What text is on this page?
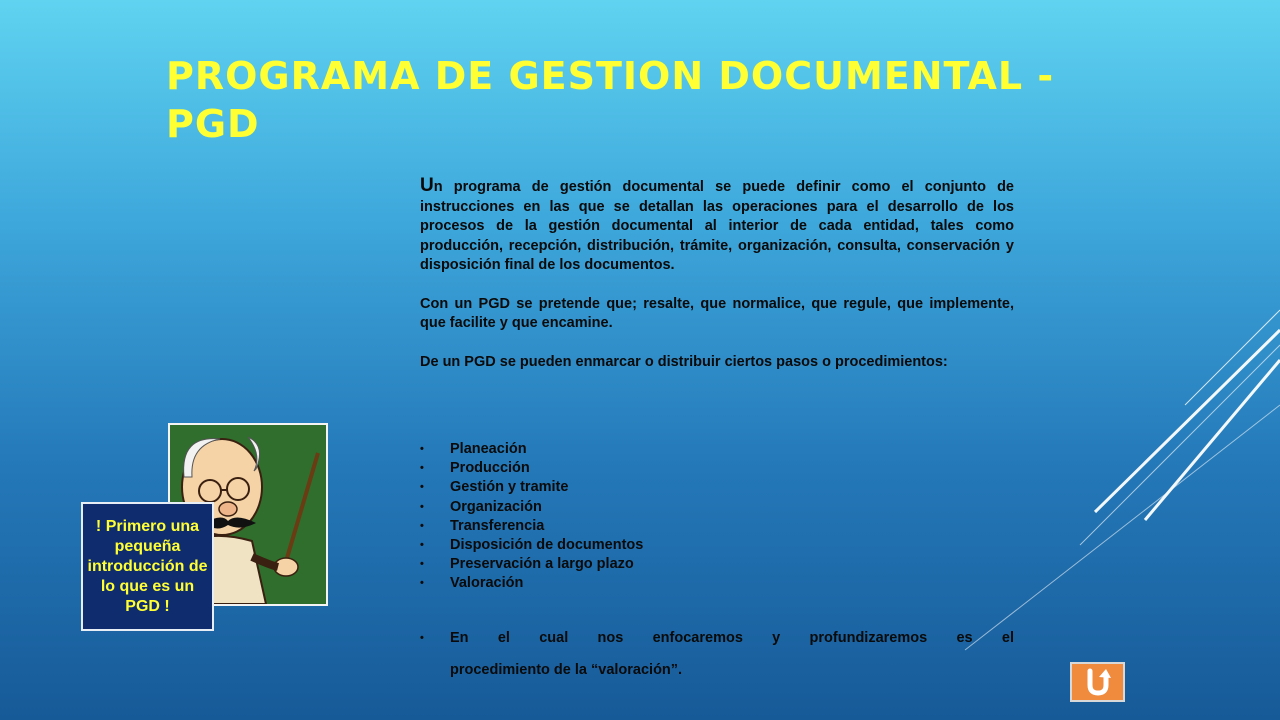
PROGRAMA DE GESTION DOCUMENTAL - PGD

Un programa de gestión documental se puede definir como el conjunto de instrucciones en las que se detallan las operaciones para el desarrollo de los procesos de la gestión documental al interior de cada entidad, tales como producción, recepción, distribución, trámite, organización, consulta, conservación y disposición final de los documentos.

Con un PGD se pretende que; resalte, que normalice, que regule, que implemente, que facilite y que encamine.

De un PGD se pueden enmarcar o distribuir ciertos pasos o procedimientos:

• Planeación
• Producción
• Gestión y tramite
• Organización
• Transferencia
• Disposición de documentos
• Preservación a largo plazo
• Valoración
• En el cual nos enfocaremos y profundizaremos es el
procedimiento de la “valoración”.
! Primero una pequeña introducción de lo que es un PGD !
